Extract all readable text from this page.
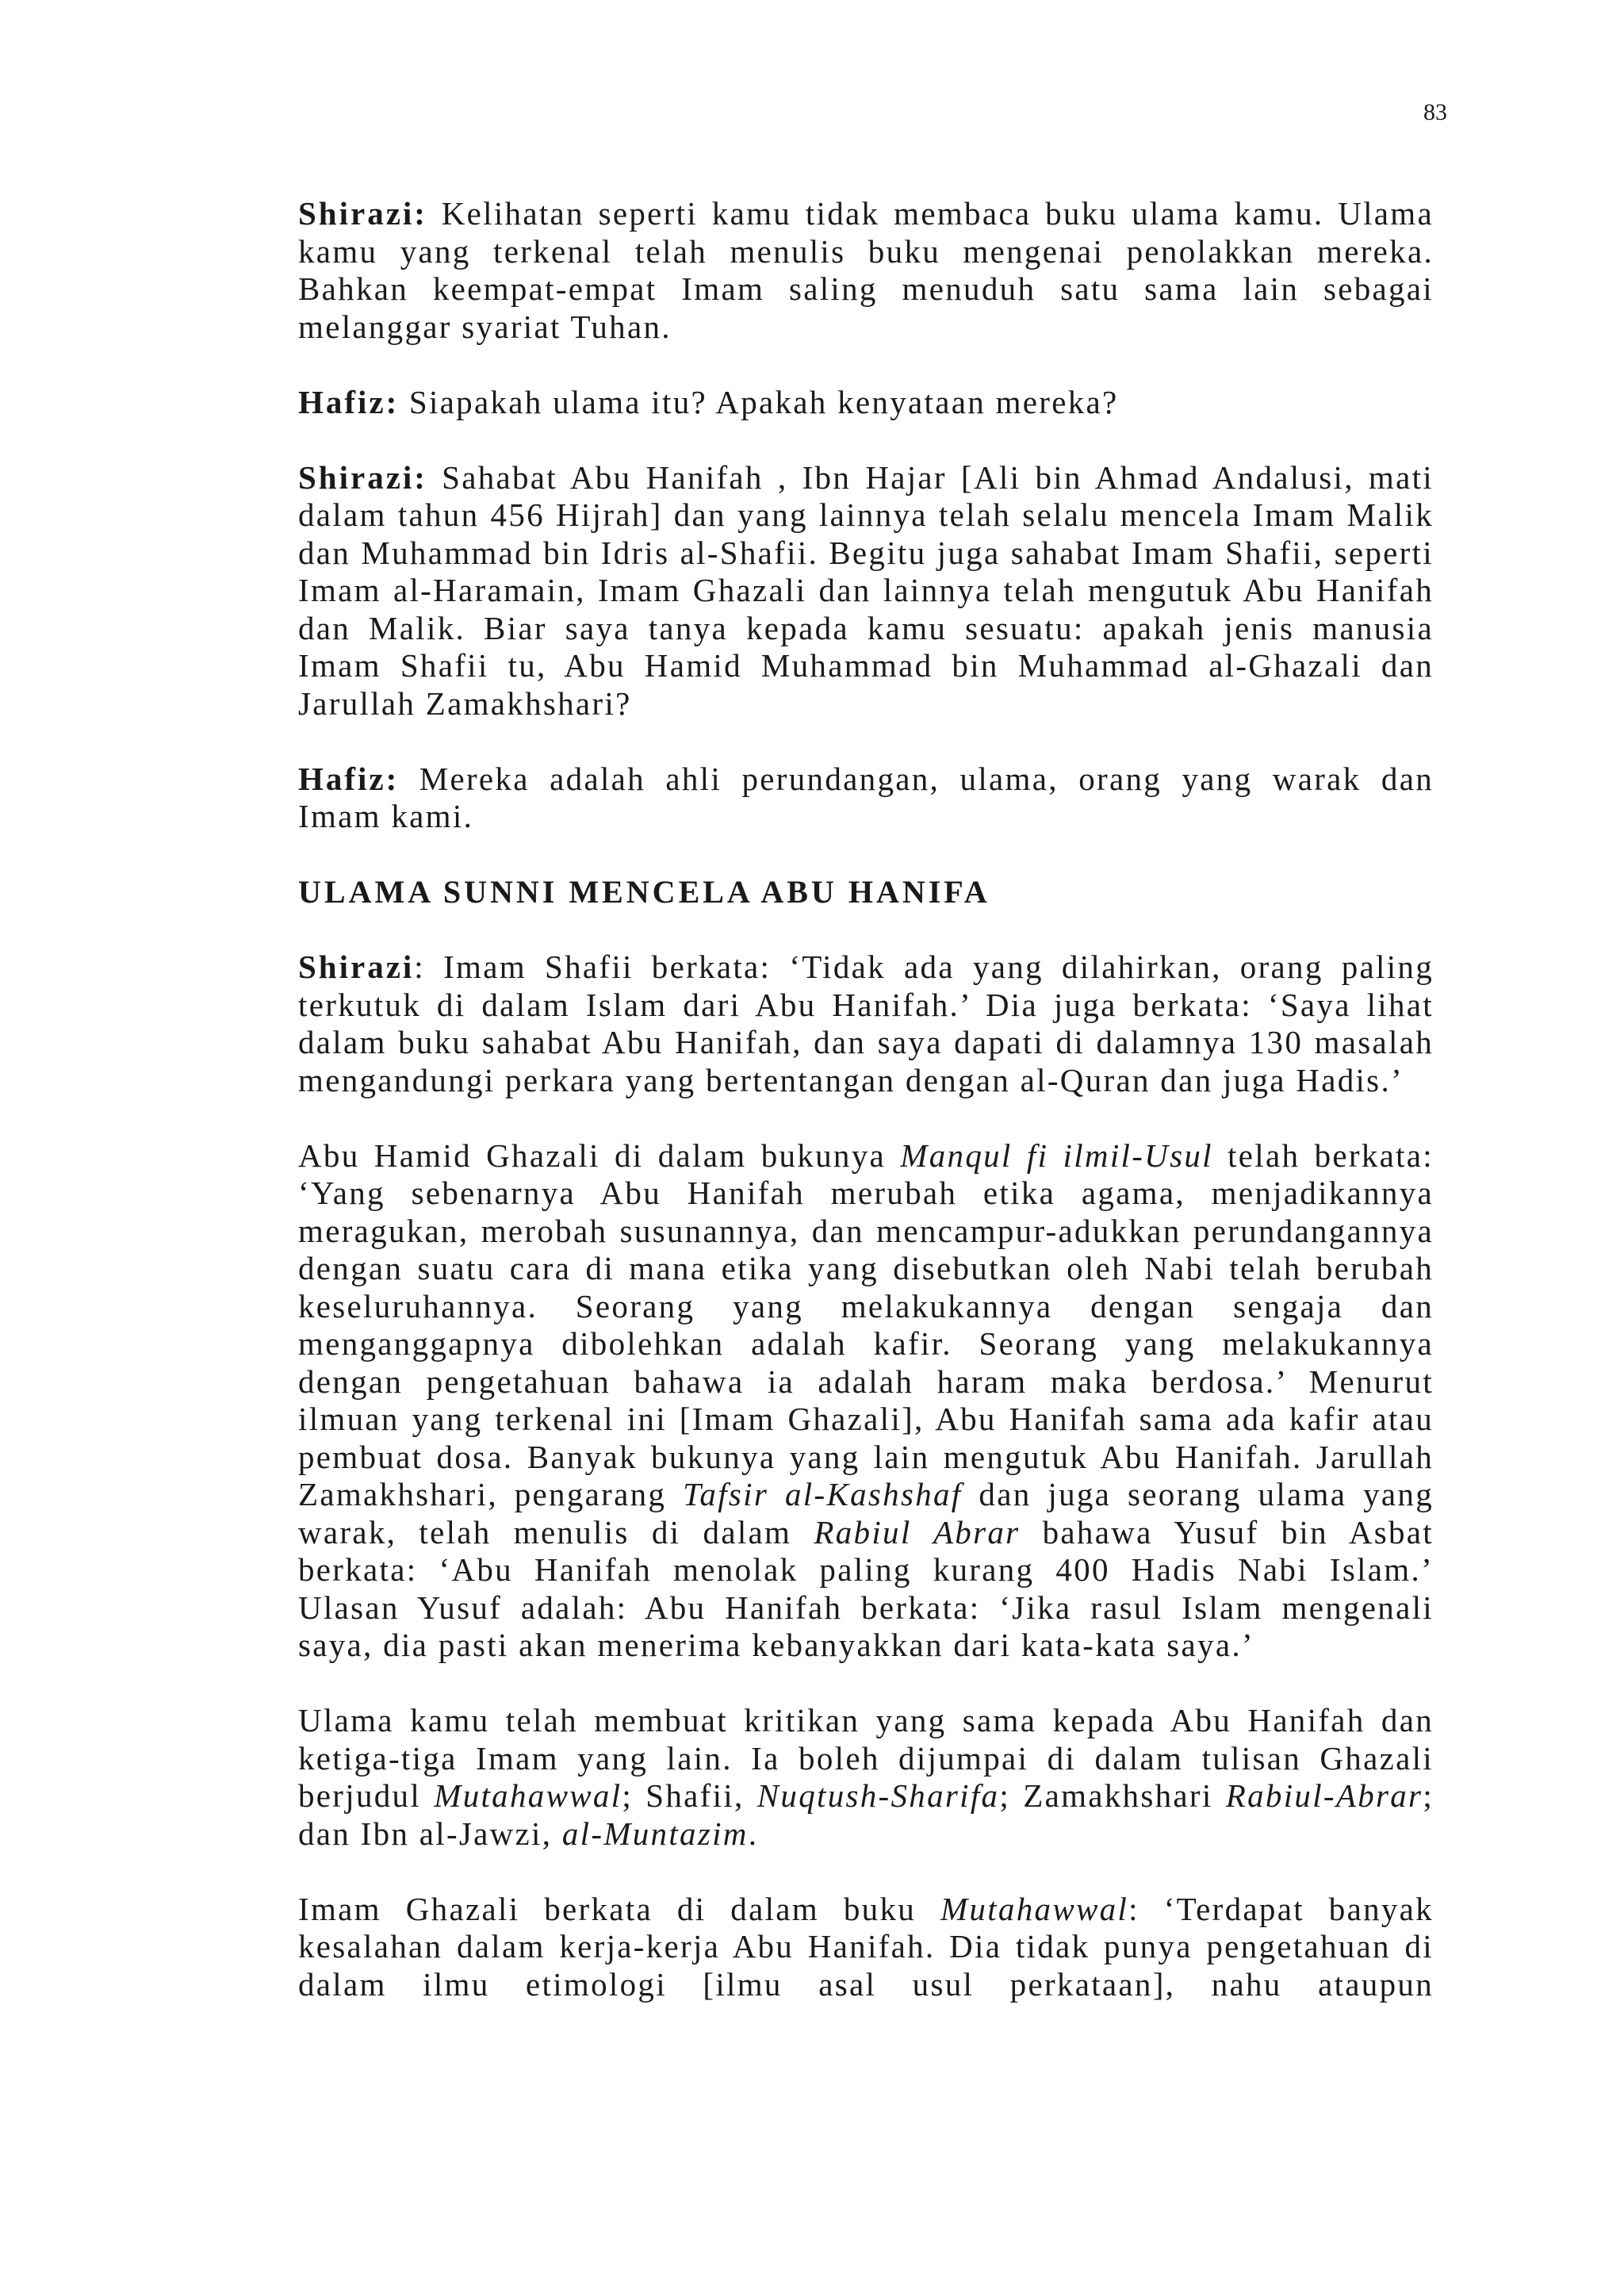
83

Shirazi: Kelihatan seperti kamu tidak membaca buku ulama kamu. Ulama kamu yang terkenal telah menulis buku mengenai penolakkan mereka. Bahkan keempat-empat Imam saling menuduh satu sama lain sebagai melanggar syariat Tuhan.

Hafiz: Siapakah ulama itu? Apakah kenyataan mereka?

Shirazi: Sahabat Abu Hanifah , Ibn Hajar [Ali bin Ahmad Andalusi, mati dalam tahun 456 Hijrah] dan yang lainnya telah selalu mencela Imam Malik dan Muhammad bin Idris al-Shafii. Begitu juga sahabat Imam Shafii, seperti Imam al-Haramain, Imam Ghazali dan lainnya telah mengutuk Abu Hanifah dan Malik. Biar saya tanya kepada kamu sesuatu: apakah jenis manusia Imam Shafii tu, Abu Hamid Muhammad bin Muhammad al-Ghazali dan Jarullah Zamakhshari?

Hafiz: Mereka adalah ahli perundangan, ulama, orang yang warak dan Imam kami.

ULAMA SUNNI MENCELA ABU HANIFA

Shirazi: Imam Shafii berkata: ‘Tidak ada yang dilahirkan, orang paling terkutuk di dalam Islam dari Abu Hanifah.’ Dia juga berkata: ‘Saya lihat dalam buku sahabat Abu Hanifah, dan saya dapati di dalamnya 130 masalah mengandungi perkara yang bertentangan dengan al-Quran dan juga Hadis.’

Abu Hamid Ghazali di dalam bukunya Manqul fi ilmil-Usul telah berkata: ‘Yang sebenarnya Abu Hanifah merubah etika agama, menjadikannya meragukan, merobah susunannya, dan mencampur-adukkan perundangannya dengan suatu cara di mana etika yang disebutkan oleh Nabi telah berubah keseluruhannya. Seorang yang melakukannya dengan sengaja dan menganggapnya dibolehkan adalah kafir. Seorang yang melakukannya dengan pengetahuan bahawa ia adalah haram maka berdosa.’ Menurut ilmuan yang terkenal ini [Imam Ghazali], Abu Hanifah sama ada kafir atau pembuat dosa. Banyak bukunya yang lain mengutuk Abu Hanifah. Jarullah Zamakhshari, pengarang Tafsir al-Kashshaf dan juga seorang ulama yang warak, telah menulis di dalam Rabiul Abrar bahawa Yusuf bin Asbat berkata: ‘Abu Hanifah menolak paling kurang 400 Hadis Nabi Islam.’ Ulasan Yusuf adalah: Abu Hanifah berkata: ‘Jika rasul Islam mengenali saya, dia pasti akan menerima kebanyakkan dari kata-kata saya.’

Ulama kamu telah membuat kritikan yang sama kepada Abu Hanifah dan ketiga-tiga Imam yang lain. Ia boleh dijumpai di dalam tulisan Ghazali berjudul Mutahawwal; Shafii, Nuqtush-Sharifa; Zamakhshari Rabiul-Abrar; dan Ibn al-Jawzi, al-Muntazim.

Imam Ghazali berkata di dalam buku Mutahawwal: ‘Terdapat banyak kesalahan dalam kerja-kerja Abu Hanifah. Dia tidak punya pengetahuan di dalam ilmu etimologi [ilmu asal usul perkataan], nahu ataupun
